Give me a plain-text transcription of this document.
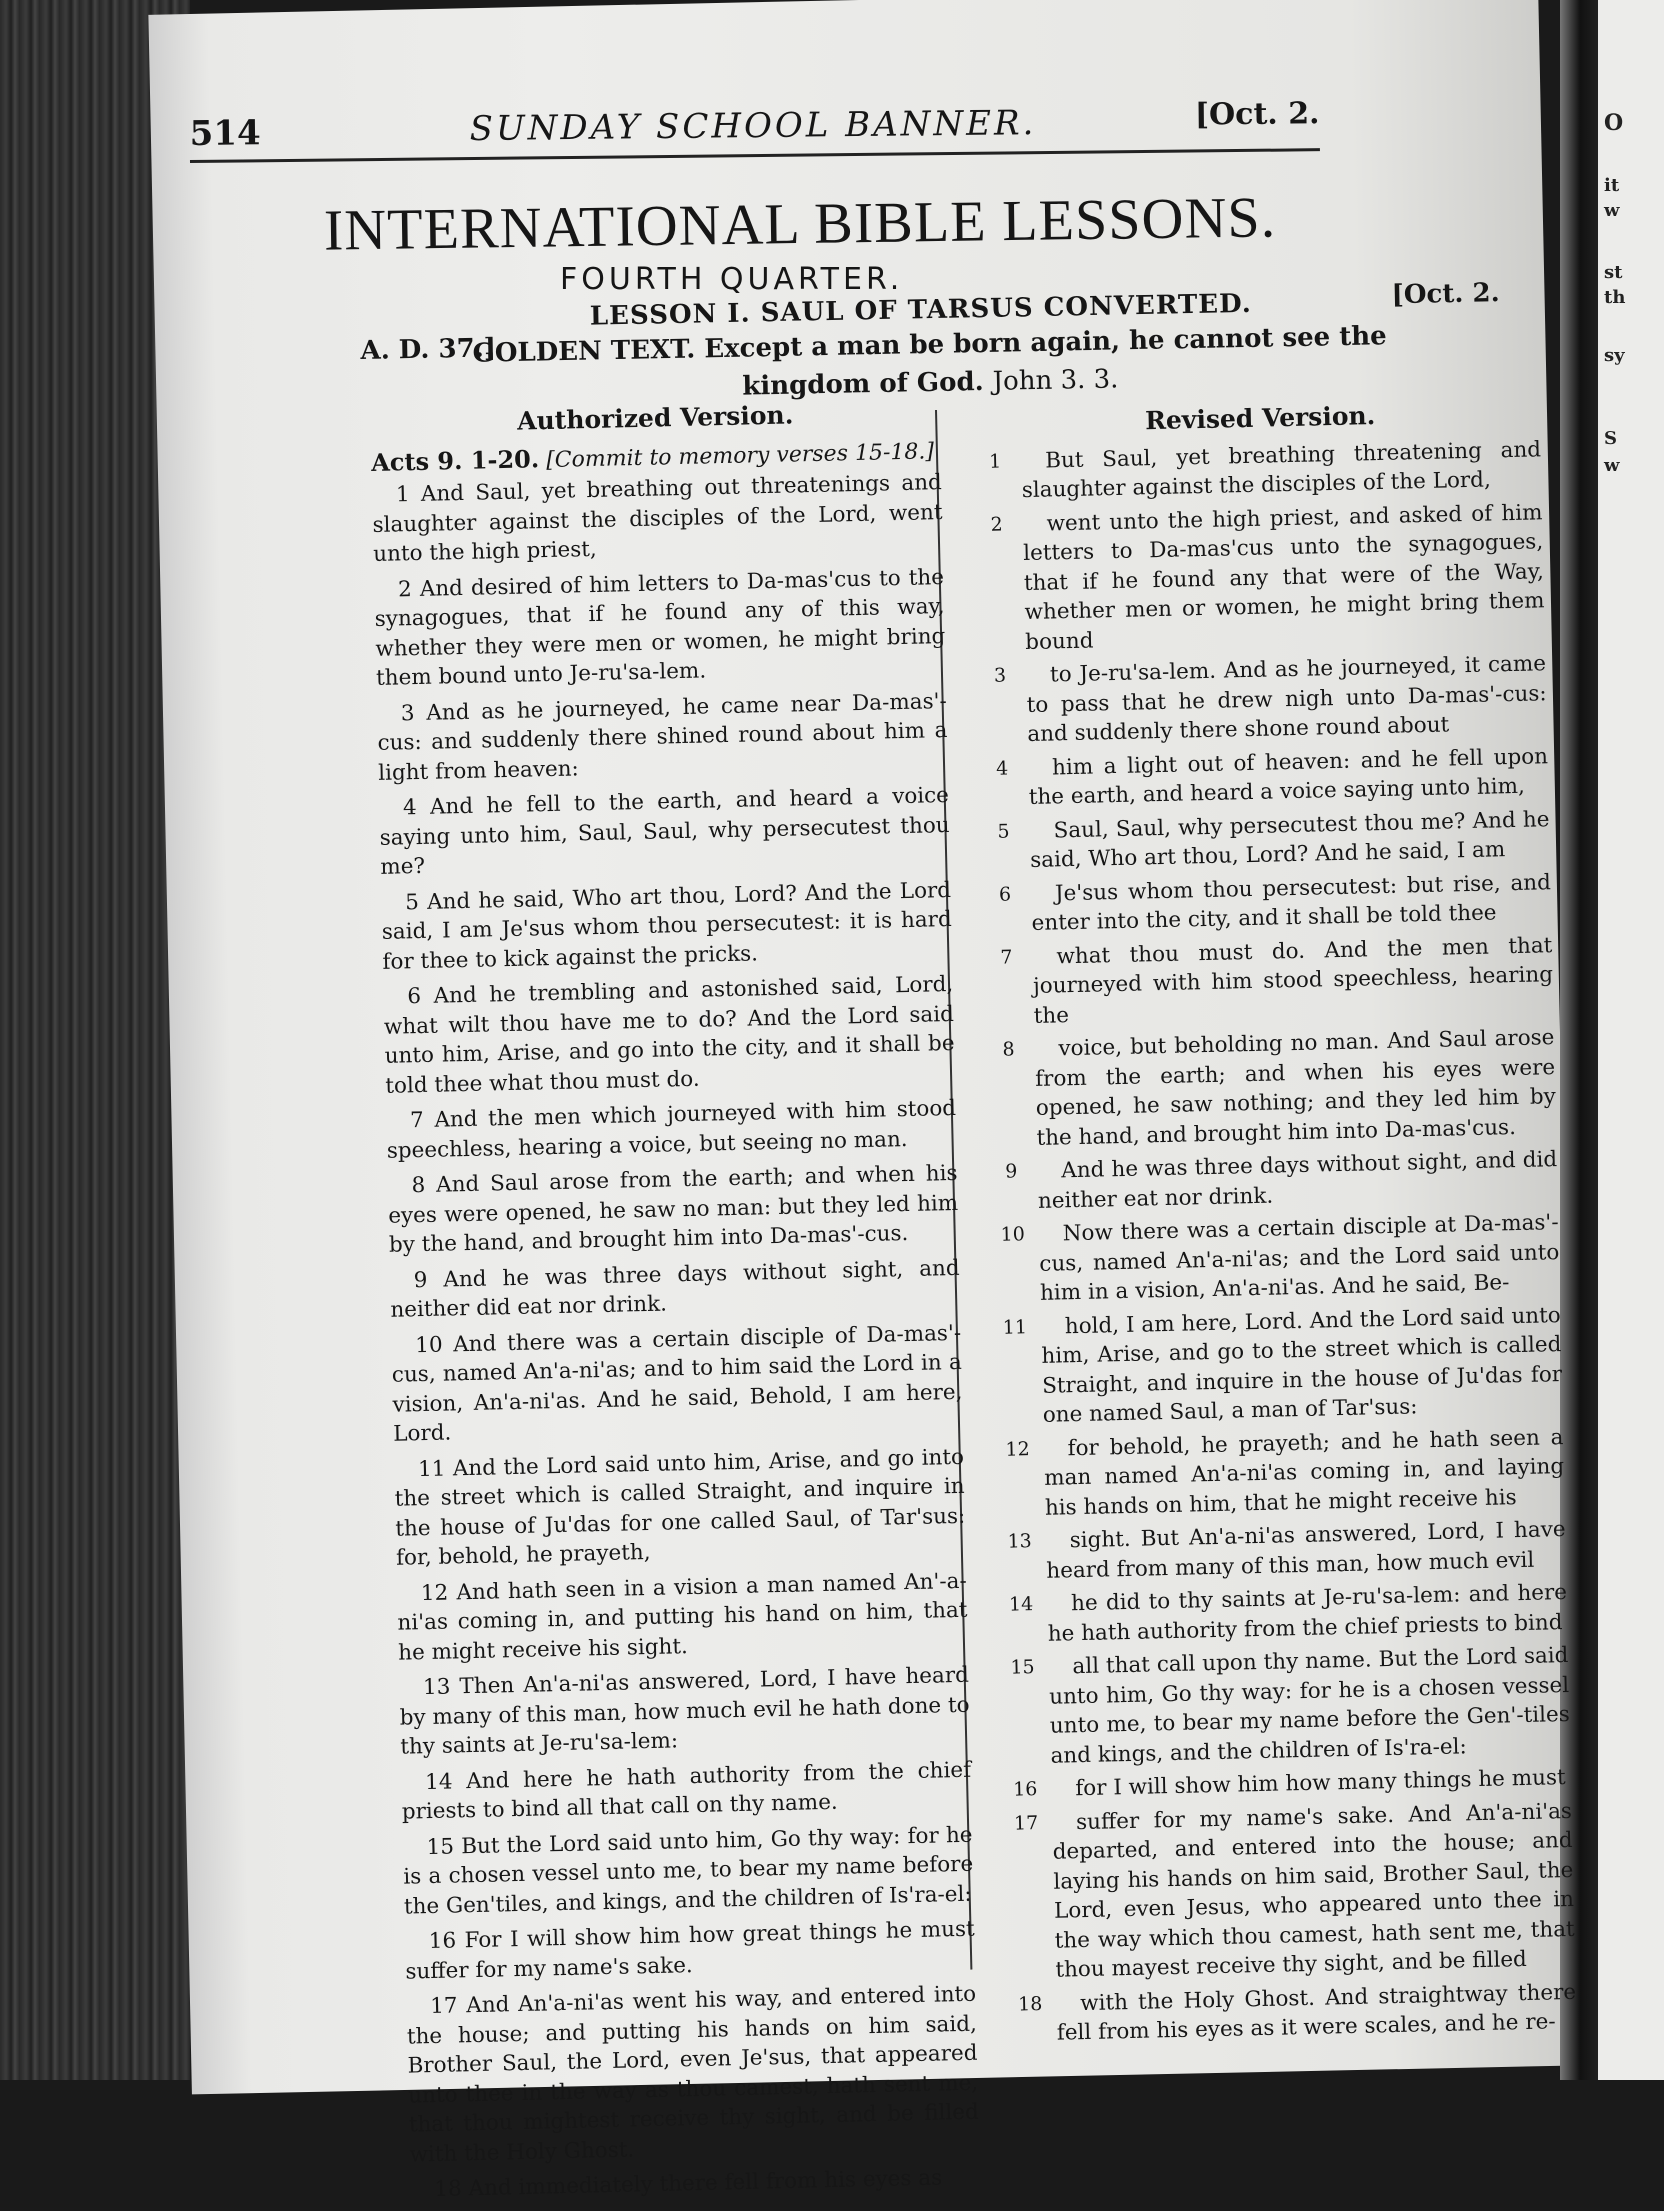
O
it
w
st
th
sy
S
w
514	SUNDAY SCHOOL BANNER.	[Oct. 2.
INTERNATIONAL BIBLE LESSONS.
FOURTH QUARTER.
A. D. 37.]
LESSON I. SAUL OF TARSUS CONVERTED.	[Oct. 2.
GOLDEN TEXT. Except a man be born again, he cannot see the kingdom of God. John 3. 3.
Authorized Version.
Acts 9. 1-20. [Commit to memory verses 15-18.]

1 And Saul, yet breathing out threatenings and slaughter against the disciples of the Lord, went unto the high priest,

2 And desired of him letters to Da-mas'cus to the synagogues, that if he found any of this way, whether they were men or women, he might bring them bound unto Je-ru'sa-lem.

3 And as he journeyed, he came near Da-mas'-cus: and suddenly there shined round about him a light from heaven:

4 And he fell to the earth, and heard a voice saying unto him, Saul, Saul, why persecutest thou me?

5 And he said, Who art thou, Lord? And the Lord said, I am Je'sus whom thou persecutest: it is hard for thee to kick against the pricks.

6 And he trembling and astonished said, Lord, what wilt thou have me to do? And the Lord said unto him, Arise, and go into the city, and it shall be told thee what thou must do.

7 And the men which journeyed with him stood speechless, hearing a voice, but seeing no man.

8 And Saul arose from the earth; and when his eyes were opened, he saw no man: but they led him by the hand, and brought him into Da-mas'-cus.

9 And he was three days without sight, and neither did eat nor drink.

10 And there was a certain disciple of Da-mas'-cus, named An'a-ni'as; and to him said the Lord in a vision, An'a-ni'as. And he said, Behold, I am here, Lord.

11 And the Lord said unto him, Arise, and go into the street which is called Straight, and inquire in the house of Ju'das for one called Saul, of Tar'sus: for, behold, he prayeth,

12 And hath seen in a vision a man named An'-a-ni'as coming in, and putting his hand on him, that he might receive his sight.

13 Then An'a-ni'as answered, Lord, I have heard by many of this man, how much evil he hath done to thy saints at Je-ru'sa-lem:

14 And here he hath authority from the chief priests to bind all that call on thy name.

15 But the Lord said unto him, Go thy way: for he is a chosen vessel unto me, to bear my name before the Gen'tiles, and kings, and the children of Is'ra-el:

16 For I will show him how great things he must suffer for my name's sake.

17 And An'a-ni'as went his way, and entered into the house; and putting his hands on him said, Brother Saul, the Lord, even Je'sus, that appeared unto thee in the way as thou camest, hath sent me, that thou mightest receive thy sight, and be filled with the Holy Ghost.

18 And immediately there fell from his eyes as

Revised Version.
1	But Saul, yet breathing threatening and slaughter against the disciples of the Lord,
2	went unto the high priest, and asked of him letters to Da-mas'cus unto the synagogues, that if he found any that were of the Way, whether men or women, he might bring them bound
3	to Je-ru'sa-lem. And as he journeyed, it came to pass that he drew nigh unto Da-mas'-cus: and suddenly there shone round about
4	him a light out of heaven: and he fell upon the earth, and heard a voice saying unto him,
5	Saul, Saul, why persecutest thou me? And he said, Who art thou, Lord? And he said, I am
6	Je'sus whom thou persecutest: but rise, and enter into the city, and it shall be told thee
7	what thou must do. And the men that journeyed with him stood speechless, hearing the
8	voice, but beholding no man. And Saul arose from the earth; and when his eyes were opened, he saw nothing; and they led him by the hand, and brought him into Da-mas'cus.
9	And he was three days without sight, and did neither eat nor drink.
10	Now there was a certain disciple at Da-mas'-cus, named An'a-ni'as; and the Lord said unto him in a vision, An'a-ni'as. And he said, Be-
11	hold, I am here, Lord. And the Lord said unto him, Arise, and go to the street which is called Straight, and inquire in the house of Ju'das for one named Saul, a man of Tar'sus:
12	for behold, he prayeth; and he hath seen a man named An'a-ni'as coming in, and laying his hands on him, that he might receive his
13	sight. But An'a-ni'as answered, Lord, I have heard from many of this man, how much evil
14	he did to thy saints at Je-ru'sa-lem: and here he hath authority from the chief priests to bind
15	all that call upon thy name. But the Lord said unto him, Go thy way: for he is a chosen vessel unto me, to bear my name before the Gen'-tiles and kings, and the children of Is'ra-el:
16	for I will show him how many things he must
17	suffer for my name's sake. And An'a-ni'as departed, and entered into the house; and laying his hands on him said, Brother Saul, the Lord, even Jesus, who appeared unto thee in the way which thou camest, hath sent me, that thou mayest receive thy sight, and be filled
18	with the Holy Ghost. And straightway there fell from his eyes as it were scales, and he re-
